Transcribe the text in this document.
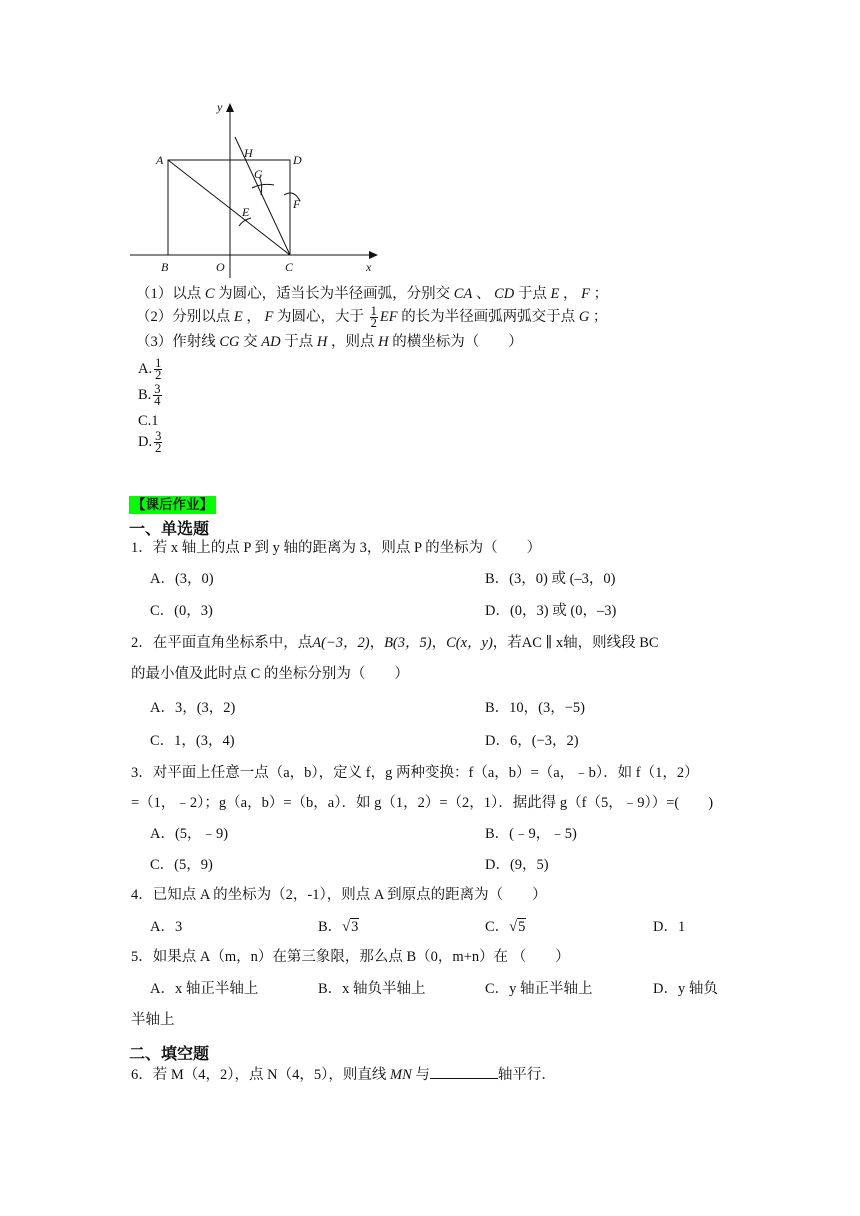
y
x
A	D
H
G
E
F
B	O	C
（1）以点 C 为圆心，适当长为半径画弧，分别交 CA 、 CD 于点 E ， F ；
（2）分别以点 E ， F 为圆心，大于 $\frac{1}{2}$ EF 的长为半径画弧两弧交于点 G ；
（3）作射线 CG 交 AD 于点 H ，则点 H 的横坐标为（　　）
A. $\frac{1}{2}$
B. $\frac{3}{4}$
C.1
D. $\frac{3}{2}$
【课后作业】
一、单选题
1．若 x 轴上的点 P 到 y 轴的距离为 3，则点 P 的坐标为（　　）
A．(3，0)	B．(3，0) 或 (–3，0)
C．(0，3)	D．(0，3) 或 (0，–3)
2．在平面直角坐标系中，点A(−3，2)，B(3，5)，C(x，y)，若AC ∥ x轴，则线段 BC
的最小值及此时点 C 的坐标分别为（　　）
A．3，(3，2)	B．10，(3，−5)
C．1，(3，4)	D．6，(−3，2)
3．对平面上任意一点（a，b），定义 f，g 两种变换：f（a，b）=（a，﹣b）．如 f（1，2）
=（1，﹣2）；g（a，b）=（b，a）．如 g（1，2）=（2，1）．据此得 g（f（5，﹣9））=(　　)
A．(5，﹣9)	B．(﹣9，﹣5)
C．(5，9)	D．(9，5)
4．已知点 A 的坐标为（2，-1），则点 A 到原点的距离为（　　）
A．3	B．√3	C．√5	D．1
5．如果点 A（m，n）在第三象限，那么点 B（0，m+n）在 （　　）
A．x 轴正半轴上	B．x 轴负半轴上	C．y 轴正半轴上	D．y 轴负
半轴上
二、填空题
6．若 M（4，2），点 N（4，5），则直线 MN 与	轴平行．
